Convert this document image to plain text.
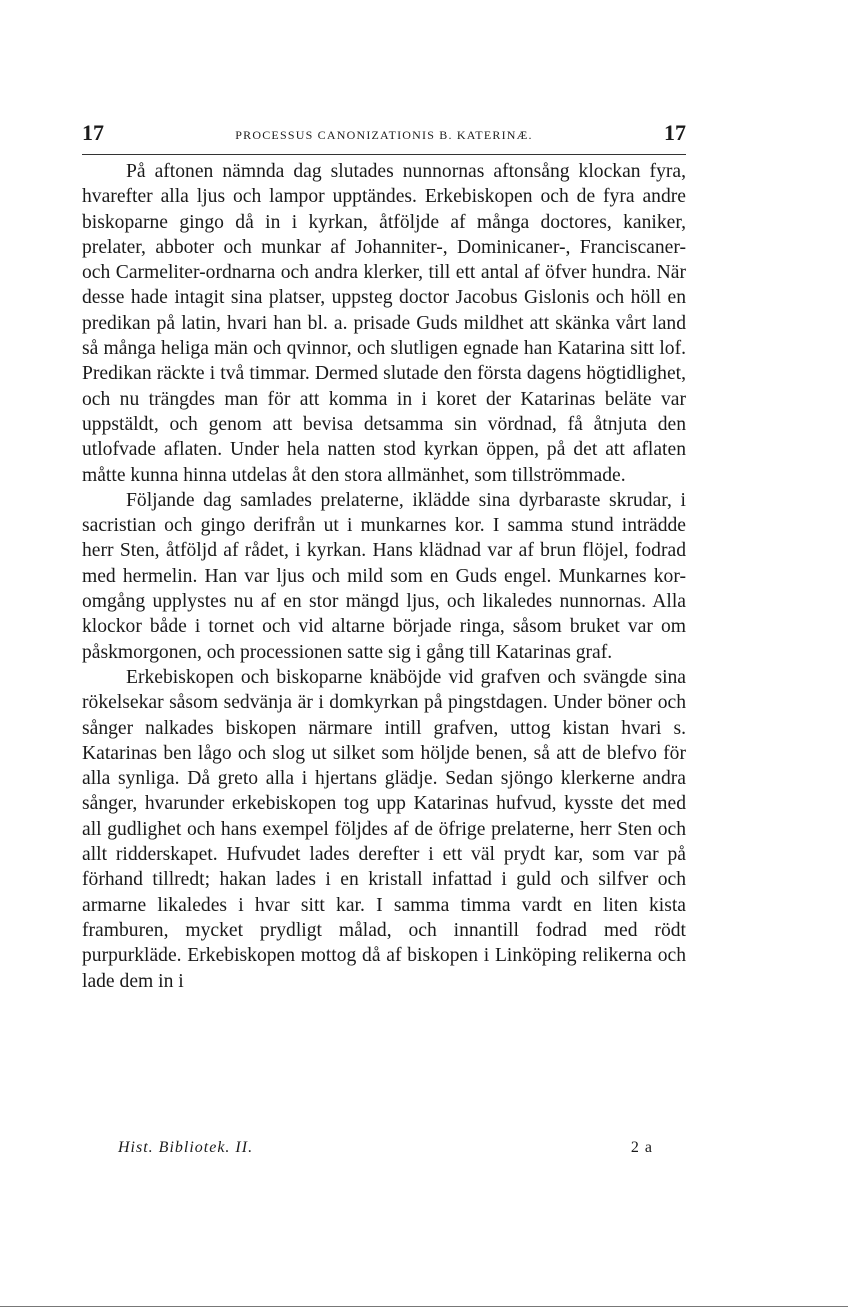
17	PROCESSUS CANONIZATIONIS B. KATERINÆ.	17

På aftonen nämnda dag slutades nunnornas aftonsång klockan fyra, hvarefter alla ljus och lampor upptändes. Erkebiskopen och de fyra andre biskoparne gingo då in i kyrkan, åtföljde af många doctores, kaniker, prelater, abboter och munkar af Johanniter-, Dominicaner-, Franciscaner- och Carmeliter-ordnarna och andra klerker, till ett antal af öfver hundra. När desse hade intagit sina platser, uppsteg doctor Jacobus Gislonis och höll en predikan på latin, hvari han bl. a. prisade Guds mildhet att skänka vårt land så många heliga män och qvinnor, och slutligen egnade han Katarina sitt lof. Predikan räckte i två timmar. Dermed slutade den första dagens högtidlighet, och nu trängdes man för att komma in i koret der Katarinas beläte var uppstäldt, och genom att bevisa detsamma sin vördnad, få åtnjuta den utlofvade aflaten. Under hela natten stod kyrkan öppen, på det att aflaten måtte kunna hinna utdelas åt den stora allmänhet, som tillströmmade.

Följande dag samlades prelaterne, iklädde sina dyrbaraste skrudar, i sacristian och gingo derifrån ut i munkarnes kor. I samma stund inträdde herr Sten, åtföljd af rådet, i kyrkan. Hans klädnad var af brun flöjel, fodrad med hermelin. Han var ljus och mild som en Guds engel. Munkarnes kor-omgång upplystes nu af en stor mängd ljus, och likaledes nunnornas. Alla klockor både i tornet och vid altarne började ringa, såsom bruket var om påskmorgonen, och processionen satte sig i gång till Katarinas graf.

Erkebiskopen och biskoparne knäböjde vid grafven och svängde sina rökelsekar såsom sedvänja är i domkyrkan på pingstdagen. Under böner och sånger nalkades biskopen närmare intill grafven, uttog kistan hvari s. Katarinas ben lågo och slog ut silket som höljde benen, så att de blefvo för alla synliga. Då greto alla i hjertans glädje. Sedan sjöngo klerkerne andra sånger, hvarunder erkebiskopen tog upp Katarinas hufvud, kysste det med all gudlighet och hans exempel följdes af de öfrige prelaterne, herr Sten och allt ridderskapet. Hufvudet lades derefter i ett väl prydt kar, som var på förhand tillredt; hakan lades i en kristall infattad i guld och silfver och armarne likaledes i hvar sitt kar. I samma timma vardt en liten kista framburen, mycket prydligt målad, och innantill fodrad med rödt purpurkläde. Erkebiskopen mottog då af biskopen i Linköping relikerna och lade dem in i

Hist. Bibliotek. II.	2 a
